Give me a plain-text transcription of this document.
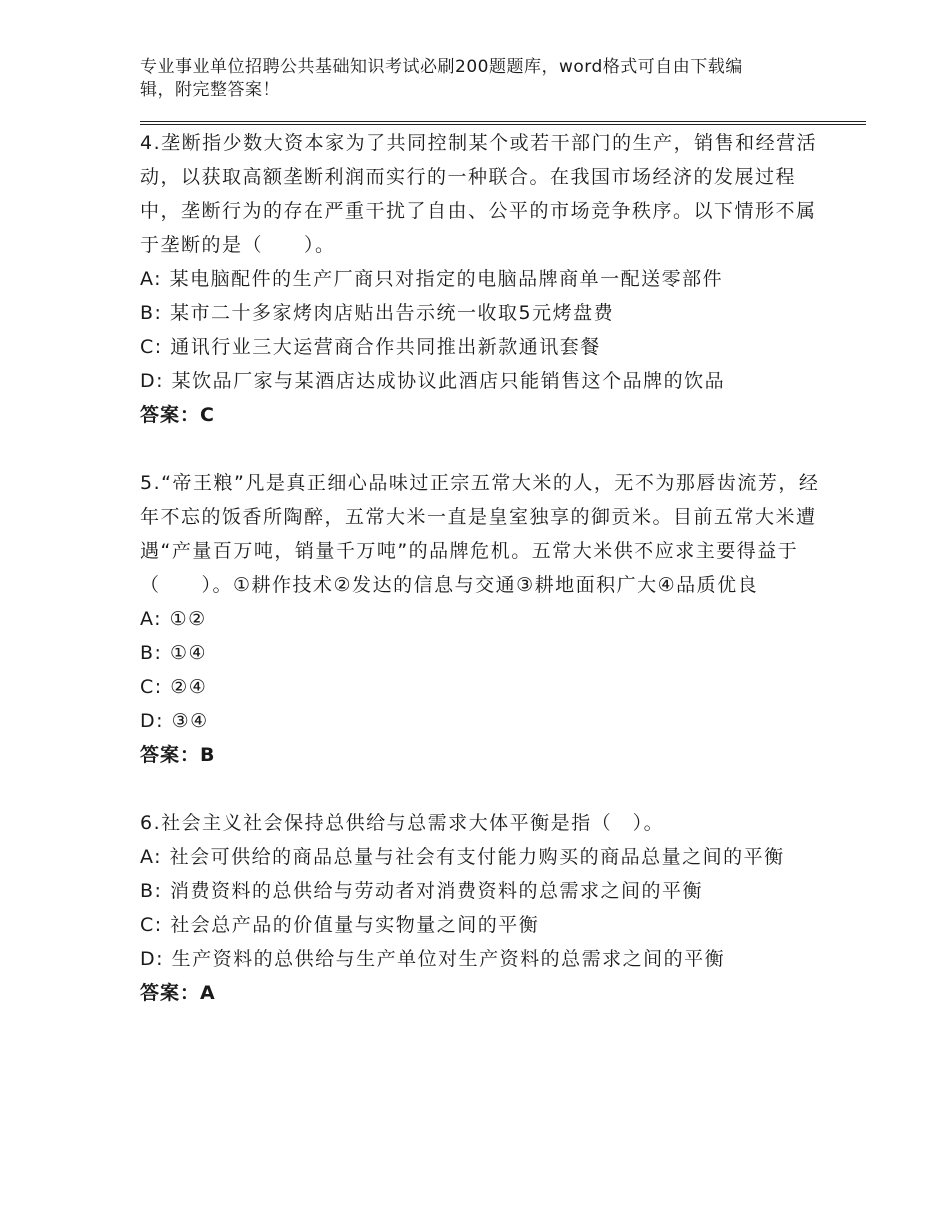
专业事业单位招聘公共基础知识考试必刷200题题库，word格式可自由下载编
辑，附完整答案！

4.垄断指少数大资本家为了共同控制某个或若干部门的生产，销售和经营活动，以获取高额垄断利润而实行的一种联合。在我国市场经济的发展过程中，垄断行为的存在严重干扰了自由、公平的市场竞争秩序。以下情形不属于垄断的是（　　）。

A: 某电脑配件的生产厂商只对指定的电脑品牌商单一配送零部件

B: 某市二十多家烤肉店贴出告示统一收取5元烤盘费

C: 通讯行业三大运营商合作共同推出新款通讯套餐

D: 某饮品厂家与某酒店达成协议此酒店只能销售这个品牌的饮品

答案：C

5.“帝王粮”凡是真正细心品味过正宗五常大米的人，无不为那唇齿流芳，经年不忘的饭香所陶醉，五常大米一直是皇室独享的御贡米。目前五常大米遭遇“产量百万吨，销量千万吨”的品牌危机。五常大米供不应求主要得益于（　　）。①耕作技术②发达的信息与交通③耕地面积广大④品质优良

A: ①②

B: ①④

C: ②④

D: ③④

答案：B

6.社会主义社会保持总供给与总需求大体平衡是指（　）。

A: 社会可供给的商品总量与社会有支付能力购买的商品总量之间的平衡

B: 消费资料的总供给与劳动者对消费资料的总需求之间的平衡

C: 社会总产品的价值量与实物量之间的平衡

D: 生产资料的总供给与生产单位对生产资料的总需求之间的平衡

答案：A
